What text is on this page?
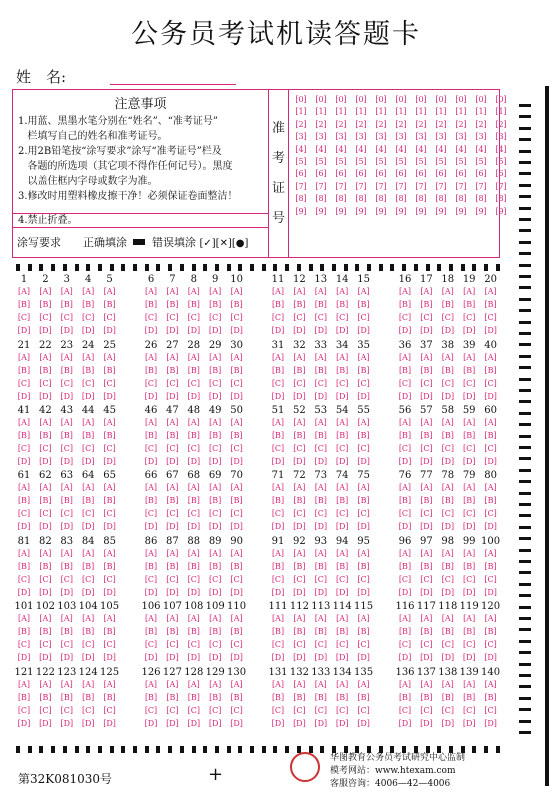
公务员考试机读答题卡
姓　名:
注意事项
1.用蓝、黑墨水笔分别在“姓名”、“准考证号”
栏填写自己的姓名和准考证号。
2.用2B铅笔按“涂写要求”涂写“准考证号”栏及
各题的所选项（其它项不得作任何记号）。黑度
以盖住框内字母或数字为准。
3.修改时用塑料橡皮擦干净！必须保证卷面整洁！
4.禁止折叠。
涂写要求 正确填涂 错误填涂 [✓][✕][●]
准
考
证
号
[0]
[1]
[2]
[3]
[4]
[5]
[6]
[7]
[8]
[9]
[0]
[1]
[2]
[3]
[4]
[5]
[6]
[7]
[8]
[9]
[0]
[1]
[2]
[3]
[4]
[5]
[6]
[7]
[8]
[9]
[0]
[1]
[2]
[3]
[4]
[5]
[6]
[7]
[8]
[9]
[0]
[1]
[2]
[3]
[4]
[5]
[6]
[7]
[8]
[9]
[0]
[1]
[2]
[3]
[4]
[5]
[6]
[7]
[8]
[9]
[0]
[1]
[2]
[3]
[4]
[5]
[6]
[7]
[8]
[9]
[0]
[1]
[2]
[3]
[4]
[5]
[6]
[7]
[8]
[9]
[0]
[1]
[2]
[3]
[4]
[5]
[6]
[7]
[8]
[9]
[0]
[1]
[2]
[3]
[4]
[5]
[6]
[7]
[8]
[9]
[0]
[1]
[2]
[3]
[4]
[5]
[6]
[7]
[8]
[9]
1
[A]
[B]
[C]
[D]
2
[A]
[B]
[C]
[D]
3
[A]
[B]
[C]
[D]
4
[A]
[B]
[C]
[D]
5
[A]
[B]
[C]
[D]
6
[A]
[B]
[C]
[D]
7
[A]
[B]
[C]
[D]
8
[A]
[B]
[C]
[D]
9
[A]
[B]
[C]
[D]
10
[A]
[B]
[C]
[D]
11
[A]
[B]
[C]
[D]
12
[A]
[B]
[C]
[D]
13
[A]
[B]
[C]
[D]
14
[A]
[B]
[C]
[D]
15
[A]
[B]
[C]
[D]
16
[A]
[B]
[C]
[D]
17
[A]
[B]
[C]
[D]
18
[A]
[B]
[C]
[D]
19
[A]
[B]
[C]
[D]
20
[A]
[B]
[C]
[D]
21
[A]
[B]
[C]
[D]
22
[A]
[B]
[C]
[D]
23
[A]
[B]
[C]
[D]
24
[A]
[B]
[C]
[D]
25
[A]
[B]
[C]
[D]
26
[A]
[B]
[C]
[D]
27
[A]
[B]
[C]
[D]
28
[A]
[B]
[C]
[D]
29
[A]
[B]
[C]
[D]
30
[A]
[B]
[C]
[D]
31
[A]
[B]
[C]
[D]
32
[A]
[B]
[C]
[D]
33
[A]
[B]
[C]
[D]
34
[A]
[B]
[C]
[D]
35
[A]
[B]
[C]
[D]
36
[A]
[B]
[C]
[D]
37
[A]
[B]
[C]
[D]
38
[A]
[B]
[C]
[D]
39
[A]
[B]
[C]
[D]
40
[A]
[B]
[C]
[D]
41
[A]
[B]
[C]
[D]
42
[A]
[B]
[C]
[D]
43
[A]
[B]
[C]
[D]
44
[A]
[B]
[C]
[D]
45
[A]
[B]
[C]
[D]
46
[A]
[B]
[C]
[D]
47
[A]
[B]
[C]
[D]
48
[A]
[B]
[C]
[D]
49
[A]
[B]
[C]
[D]
50
[A]
[B]
[C]
[D]
51
[A]
[B]
[C]
[D]
52
[A]
[B]
[C]
[D]
53
[A]
[B]
[C]
[D]
54
[A]
[B]
[C]
[D]
55
[A]
[B]
[C]
[D]
56
[A]
[B]
[C]
[D]
57
[A]
[B]
[C]
[D]
58
[A]
[B]
[C]
[D]
59
[A]
[B]
[C]
[D]
60
[A]
[B]
[C]
[D]
61
[A]
[B]
[C]
[D]
62
[A]
[B]
[C]
[D]
63
[A]
[B]
[C]
[D]
64
[A]
[B]
[C]
[D]
65
[A]
[B]
[C]
[D]
66
[A]
[B]
[C]
[D]
67
[A]
[B]
[C]
[D]
68
[A]
[B]
[C]
[D]
69
[A]
[B]
[C]
[D]
70
[A]
[B]
[C]
[D]
71
[A]
[B]
[C]
[D]
72
[A]
[B]
[C]
[D]
73
[A]
[B]
[C]
[D]
74
[A]
[B]
[C]
[D]
75
[A]
[B]
[C]
[D]
76
[A]
[B]
[C]
[D]
77
[A]
[B]
[C]
[D]
78
[A]
[B]
[C]
[D]
79
[A]
[B]
[C]
[D]
80
[A]
[B]
[C]
[D]
81
[A]
[B]
[C]
[D]
82
[A]
[B]
[C]
[D]
83
[A]
[B]
[C]
[D]
84
[A]
[B]
[C]
[D]
85
[A]
[B]
[C]
[D]
86
[A]
[B]
[C]
[D]
87
[A]
[B]
[C]
[D]
88
[A]
[B]
[C]
[D]
89
[A]
[B]
[C]
[D]
90
[A]
[B]
[C]
[D]
91
[A]
[B]
[C]
[D]
92
[A]
[B]
[C]
[D]
93
[A]
[B]
[C]
[D]
94
[A]
[B]
[C]
[D]
95
[A]
[B]
[C]
[D]
96
[A]
[B]
[C]
[D]
97
[A]
[B]
[C]
[D]
98
[A]
[B]
[C]
[D]
99
[A]
[B]
[C]
[D]
100
[A]
[B]
[C]
[D]
101
[A]
[B]
[C]
[D]
102
[A]
[B]
[C]
[D]
103
[A]
[B]
[C]
[D]
104
[A]
[B]
[C]
[D]
105
[A]
[B]
[C]
[D]
106
[A]
[B]
[C]
[D]
107
[A]
[B]
[C]
[D]
108
[A]
[B]
[C]
[D]
109
[A]
[B]
[C]
[D]
110
[A]
[B]
[C]
[D]
111
[A]
[B]
[C]
[D]
112
[A]
[B]
[C]
[D]
113
[A]
[B]
[C]
[D]
114
[A]
[B]
[C]
[D]
115
[A]
[B]
[C]
[D]
116
[A]
[B]
[C]
[D]
117
[A]
[B]
[C]
[D]
118
[A]
[B]
[C]
[D]
119
[A]
[B]
[C]
[D]
120
[A]
[B]
[C]
[D]
121
[A]
[B]
[C]
[D]
122
[A]
[B]
[C]
[D]
123
[A]
[B]
[C]
[D]
124
[A]
[B]
[C]
[D]
125
[A]
[B]
[C]
[D]
126
[A]
[B]
[C]
[D]
127
[A]
[B]
[C]
[D]
128
[A]
[B]
[C]
[D]
129
[A]
[B]
[C]
[D]
130
[A]
[B]
[C]
[D]
131
[A]
[B]
[C]
[D]
132
[A]
[B]
[C]
[D]
133
[A]
[B]
[C]
[D]
134
[A]
[B]
[C]
[D]
135
[A]
[B]
[C]
[D]
136
[A]
[B]
[C]
[D]
137
[A]
[B]
[C]
[D]
138
[A]
[B]
[C]
[D]
139
[A]
[B]
[C]
[D]
140
[A]
[B]
[C]
[D]
第32K081030号	+
华图教育公务员考试研究中心监制
模考网站：www.htexam.com
客服咨询：4006—42—4006
